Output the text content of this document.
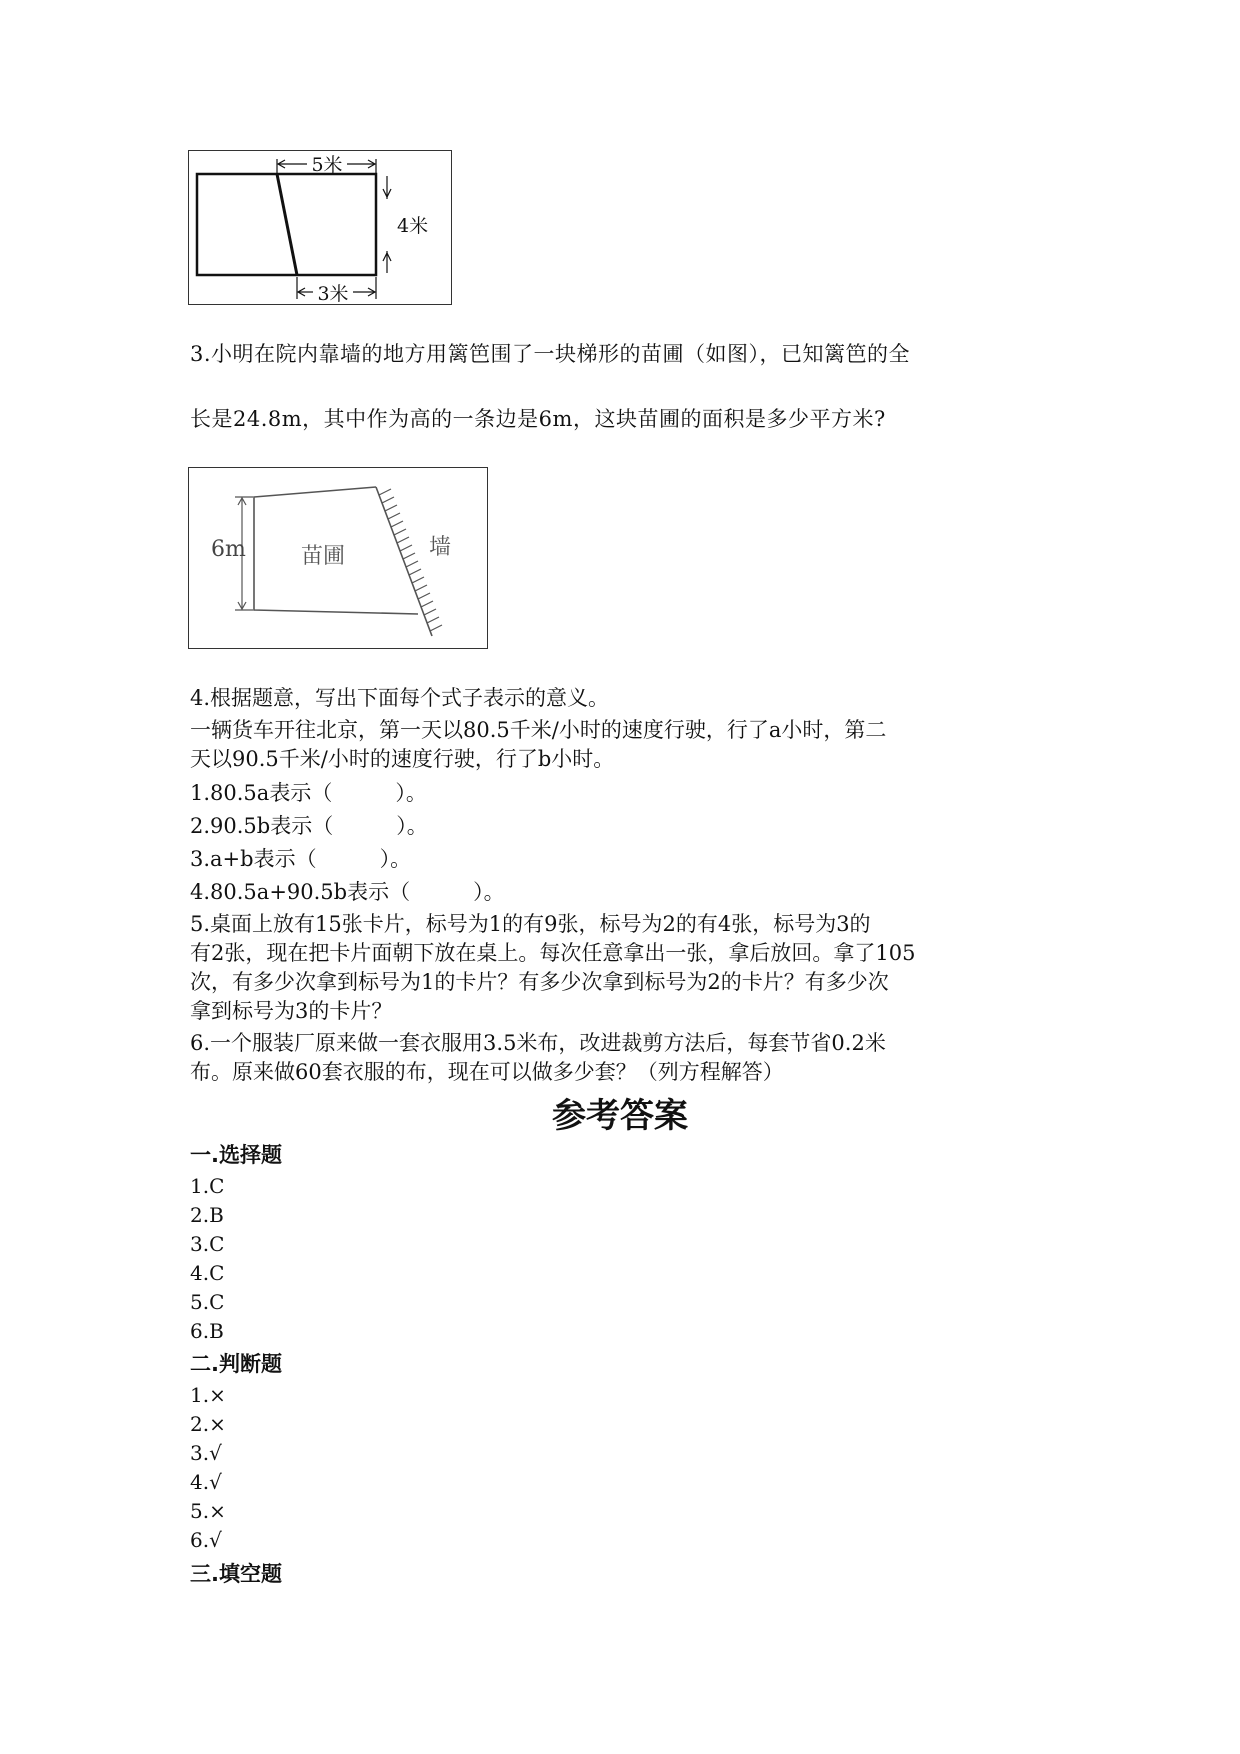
5米
4米
3米
3.小明在院内靠墙的地方用篱笆围了一块梯形的苗圃（如图），已知篱笆的全
长是24.8m，其中作为高的一条边是6m，这块苗圃的面积是多少平方米?
6m	苗圃	墙
4.根据题意，写出下面每个式子表示的意义。
一辆货车开往北京，第一天以80.5千米/小时的速度行驶，行了a小时，第二
天以90.5千米/小时的速度行驶，行了b小时。
1.80.5a表示（　　　）。
2.90.5b表示（　　　）。
3.a+b表示（　　　）。
4.80.5a+90.5b表示（　　　）。
5.桌面上放有15张卡片，标号为1的有9张，标号为2的有4张，标号为3的
有2张，现在把卡片面朝下放在桌上。每次任意拿出一张，拿后放回。拿了105
次，有多少次拿到标号为1的卡片？有多少次拿到标号为2的卡片？有多少次
拿到标号为3的卡片？
6.一个服装厂原来做一套衣服用3.5米布，改进裁剪方法后，每套节省0.2米
布。原来做60套衣服的布，现在可以做多少套？（列方程解答）
参考答案
一.选择题
1.C
2.B
3.C
4.C
5.C
6.B
二.判断题
1.×
2.×
3.√
4.√
5.×
6.√
三.填空题
